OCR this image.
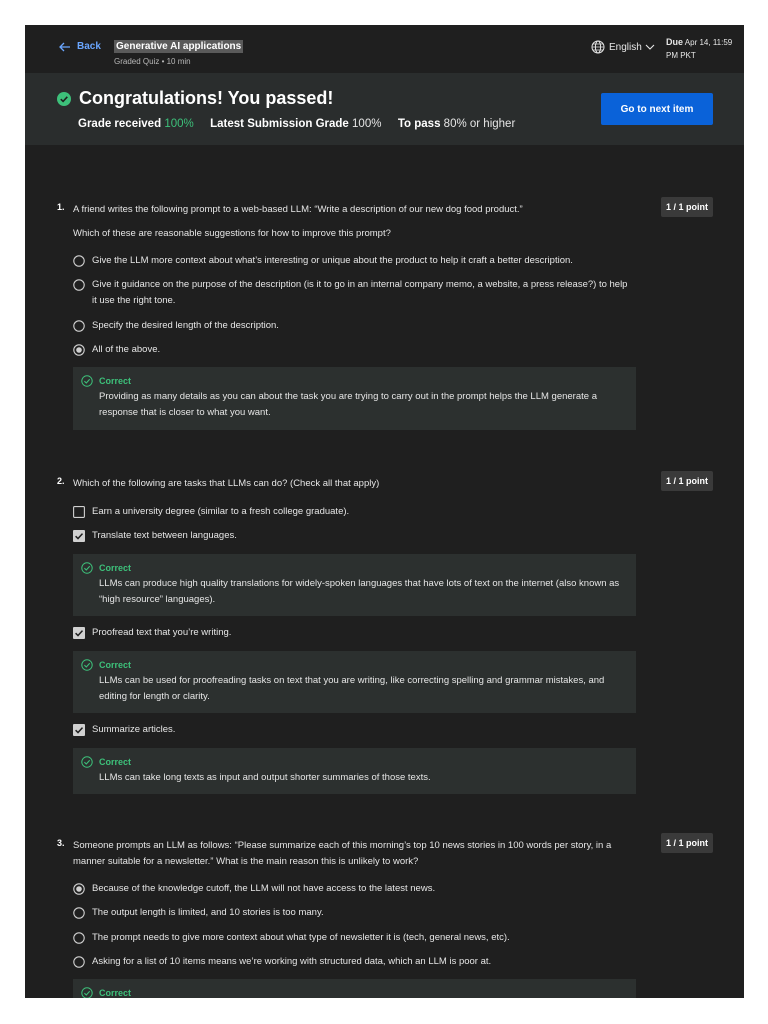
Back Generative AI applications
Graded Quiz • 10 min
English	Due Apr 14, 11:59
PM PKT
Congratulations! You passed!
Grade received 100% Latest Submission Grade 100% To pass 80% or higher
Go to next item
1. A friend writes the following prompt to a web-based LLM: “Write a description of our new dog food product.”	1 / 1 point
Which of these are reasonable suggestions for how to improve this prompt?
Give the LLM more context about what’s interesting or unique about the product to help it craft a better description.
Give it guidance on the purpose of the description (is it to go in an internal company memo, a website, a press release?) to help it use the right tone.
Specify the desired length of the description.
All of the above.
Correct
Providing as many details as you can about the task you are trying to carry out in the prompt helps the LLM generate a response that is closer to what you want.
2. Which of the following are tasks that LLMs can do? (Check all that apply)	1 / 1 point
Earn a university degree (similar to a fresh college graduate).
Translate text between languages.
Correct
LLMs can produce high quality translations for widely-spoken languages that have lots of text on the internet (also known as “high resource” languages).
Proofread text that you’re writing.
Correct
LLMs can be used for proofreading tasks on text that you are writing, like correcting spelling and grammar mistakes, and editing for length or clarity.
Summarize articles.
Correct
LLMs can take long texts as input and output shorter summaries of those texts.
3. Someone prompts an LLM as follows: “Please summarize each of this morning’s top 10 news stories in 100 words per story, in a manner suitable for a newsletter.” What is the main reason this is unlikely to work?
1 / 1 point
Because of the knowledge cutoff, the LLM will not have access to the latest news.
The output length is limited, and 10 stories is too many.
The prompt needs to give more context about what type of newsletter it is (tech, general news, etc).
Asking for a list of 10 items means we’re working with structured data, which an LLM is poor at.
Correct
